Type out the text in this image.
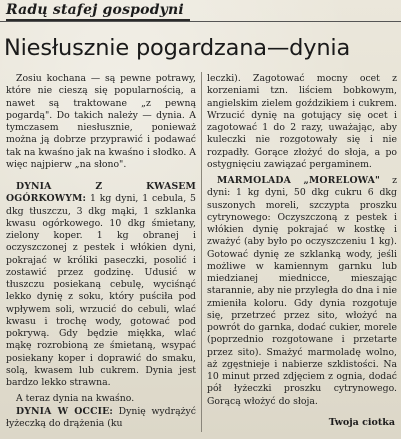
Radų stafej gospodyni
Niesłusznie pogardzana—dynia

Zosiu kochana — są pewne potrawy, które nie cieszą się popularnością, a nawet są traktowane „z pewną pogardą". Do takich należy — dynia. A tymczasem niesłusznie, ponieważ można ją dobrze przyprawić i podawać tak na kwaśno jak na kwaśno i słodko. A więc najpierw „na słono".

DYNIA Z KWASEM OGÓRKOWYM: 1 kg dyni, 1 cebula, 5 dkg tłuszczu, 3 dkg mąki, 1 szklanka kwasu ogórkowego. 10 dkg śmietany, zielony koper. 1 kg obranej i oczyszczonej z pestek i włókien dyni, pokrajać w króliki paseczki, posolić i zostawić przez godzinę. Udusić w tłuszczu posiekaną cebulę, wyciśnąć lekko dynię z soku, który puściła pod wpływem soli, wrzucić do cebuli, wlać kwasu i trochę wody, gotować pod pokrywą. Gdy będzie miękka, wlać mąkę rozrobioną ze śmietaną, wsypać posiekany koper i doprawić do smaku, solą, kwasem lub cukrem. Dynia jest bardzo lekko strawna.

A teraz dynia na kwaśno.

DYNIA W OCCIE: Dynię wydrążyć łyżeczką do drążenia (ku

leczki). Zagotować mocny ocet z korzeniami tzn. liściem bobkowym, angielskim zielem goździkiem i cukrem. Wrzucić dynię na gotujący się ocet i zagotować 1 do 2 razy, uważając, aby kuleczki nie rozgotowały się i nie rozpadły. Gorące złożyć do słoja, a po ostygnięciu zawiązać pergaminem.

MARMOLADA „MORELOWA" z dyni: 1 kg dyni, 50 dkg cukru 6 dkg suszonych moreli, szczypta proszku cytrynowego: Oczyszczoną z pestek i włókien dynię pokrajać w kostkę i zważyć (aby było po oczyszczeniu 1 kg). Gotować dynię ze szklanką wody, jeśli możliwe w kamiennym garnku lub miedzianej miednicce, mieszając starannie, aby nie przyległa do dna i nie zmieniła koloru. Gdy dynia rozgotuje się, przetrzeć przez sito, włożyć na powrót do garnka, dodać cukier, morele (poprzednio rozgotowane i przetarte przez sito). Smażyć marmoladę wolno, aż zgęstnieje i nabierze szklistości. Na 10 minut przed zdjęciem z ognia, dodać pół łyżeczki proszku cytrynowego. Gorącą włożyć do słoja.

Twoja ciotka
